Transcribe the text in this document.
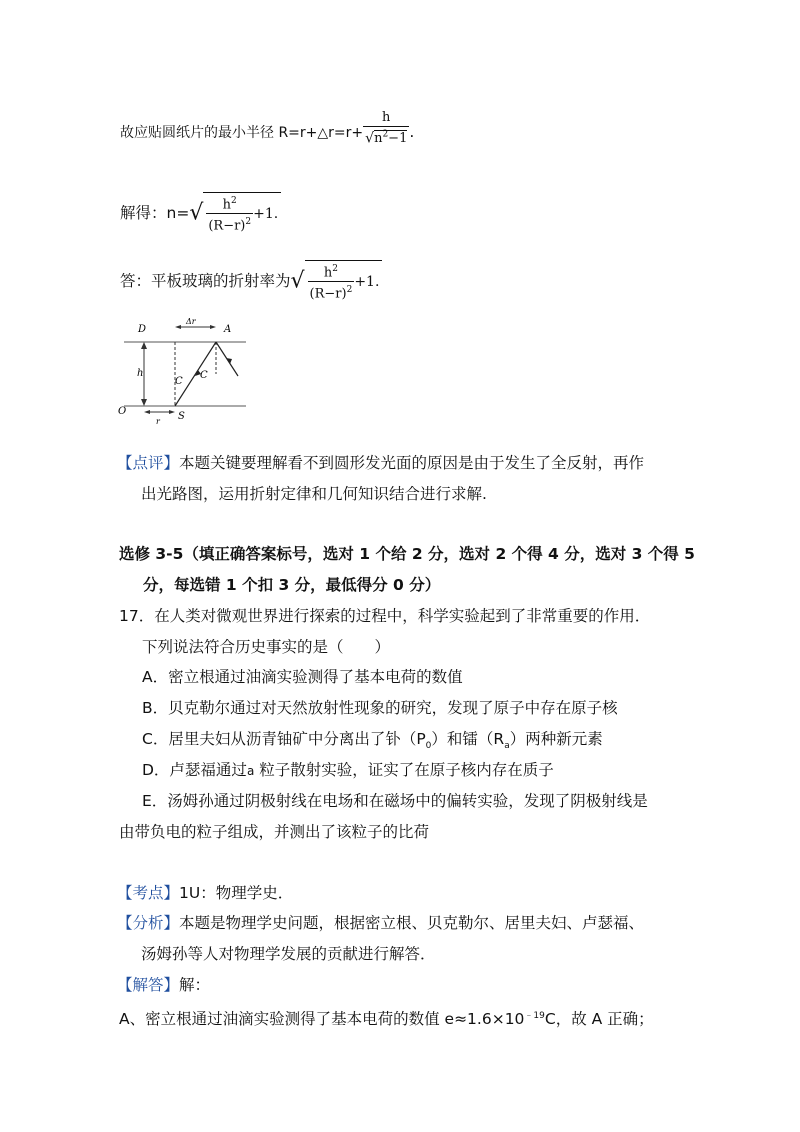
故应贴圆纸片的最小半径 R=r+△r=r+ $\frac{h}{√n^2-1}$ .
解得：$n=√ \frac{h^2}{(R-r)^2} +1$.
答：平板玻璃的折射率为√ $\frac{h^2}{(R-r)^2} +1$.
D	A
Δr
h
C
C
O
r S
【点评】本题关键要理解看不到圆形发光面的原因是由于发生了全反射，再作
出光路图，运用折射定律和几何知识结合进行求解.
选修 3-5（填正确答案标号，选对 1 个给 2 分，选对 2 个得 4 分，选对 3 个得 5
分，每选错 1 个扣 3 分，最低得分 0 分）
17．在人类对微观世界进行探索的过程中，科学实验起到了非常重要的作用．
下列说法符合历史事实的是（　　）
A．密立根通过油滴实验测得了基本电荷的数值
B．贝克勒尔通过对天然放射性现象的研究，发现了原子中存在原子核
C．居里夫妇从沥青铀矿中分离出了钋$(P_0)$和镭$(R_a)$两种新元素
D．卢瑟福通过a 粒子散射实验，证实了在原子核内存在质子
E．汤姆孙通过阴极射线在电场和在磁场中的偏转实验，发现了阴极射线是
由带负电的粒子组成，并测出了该粒子的比荷
【考点】1U：物理学史．
【分析】本题是物理学史问题，根据密立根、贝克勒尔、居里夫妇、卢瑟福、
汤姆孙等人对物理学发展的贡献进行解答．
【解答】解：
A、密立根通过油滴实验测得了基本电荷的数值 $e\approx 1.6\times 10^{﹣19}C$，故 A 正确；
